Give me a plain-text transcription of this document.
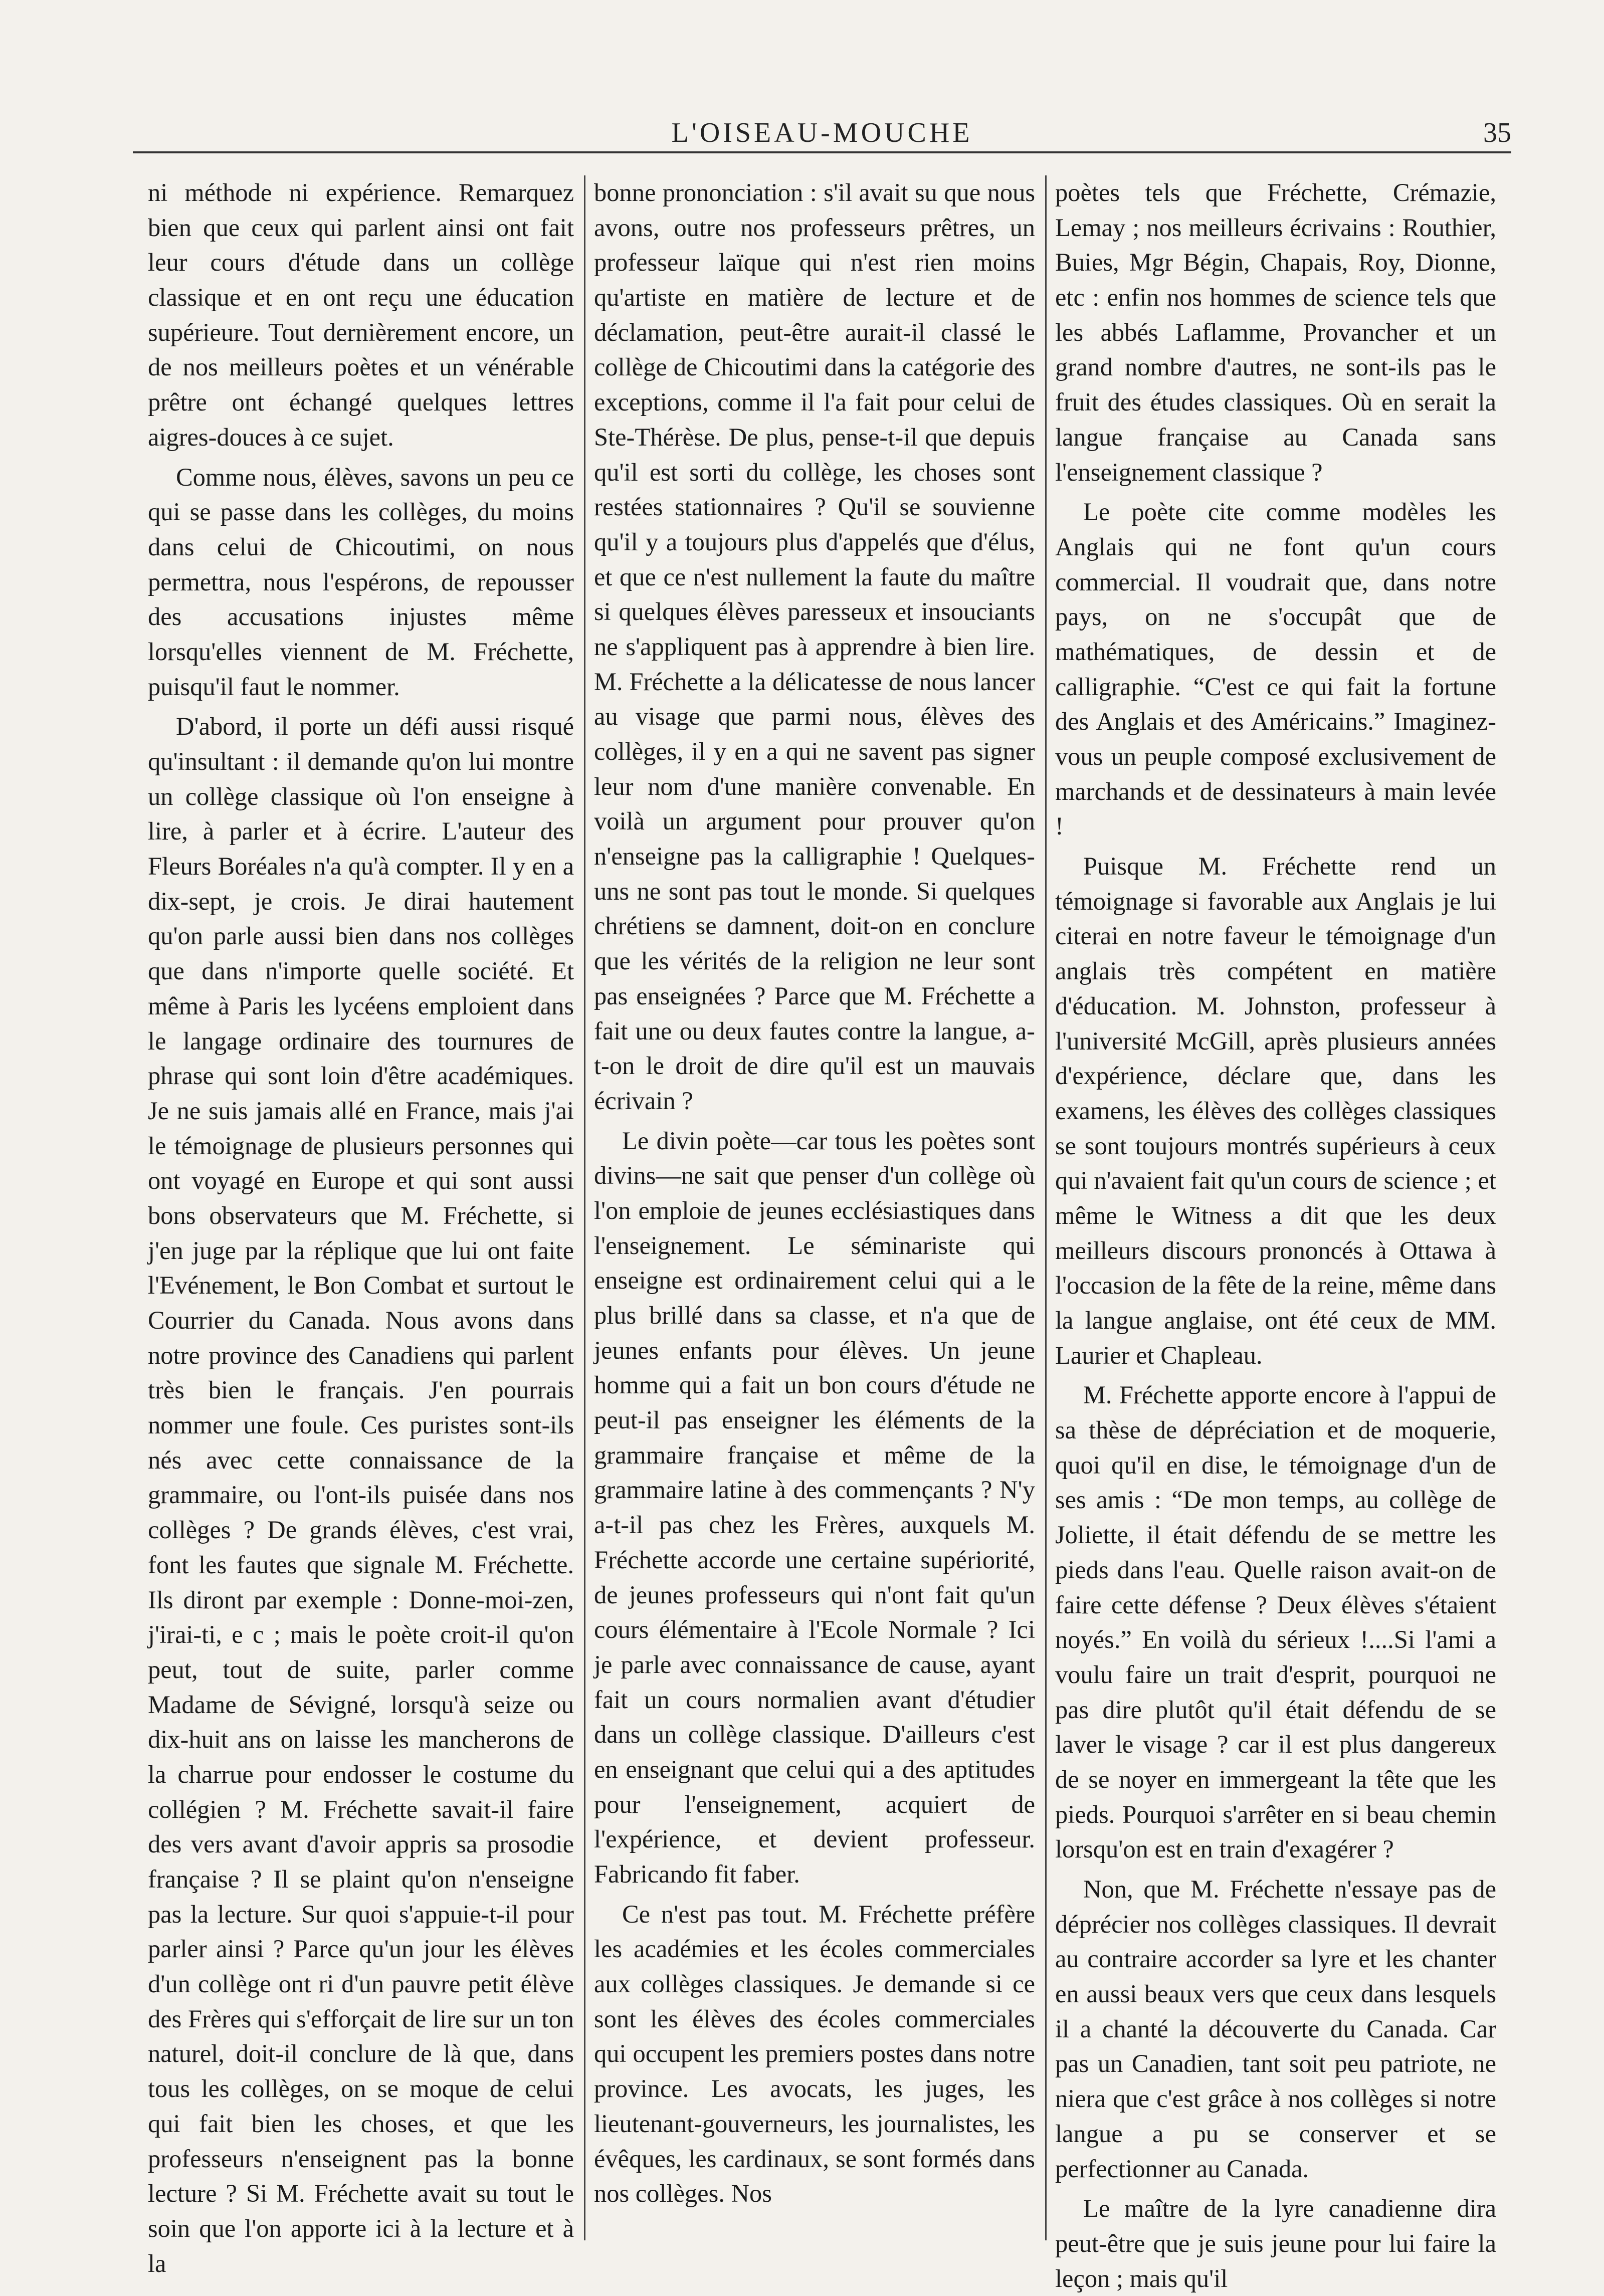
L'OISEAU-MOUCHE	35

ni méthode ni expérience. Remarquez bien que ceux qui parlent ainsi ont fait leur cours d'étude dans un collège classique et en ont reçu une éducation supérieure. Tout dernièrement encore, un de nos meilleurs poètes et un vénérable prêtre ont échangé quelques lettres aigres-douces à ce sujet.

Comme nous, élèves, savons un peu ce qui se passe dans les collèges, du moins dans celui de Chicoutimi, on nous permettra, nous l'espérons, de repousser des accusations injustes même lorsqu'elles viennent de M. Fréchette, puisqu'il faut le nommer.

D'abord, il porte un défi aussi risqué qu'insultant : il demande qu'on lui montre un collège classique où l'on enseigne à lire, à parler et à écrire. L'auteur des Fleurs Boréales n'a qu'à compter. Il y en a dix-sept, je crois. Je dirai hautement qu'on parle aussi bien dans nos collèges que dans n'importe quelle société. Et même à Paris les lycéens emploient dans le langage ordinaire des tournures de phrase qui sont loin d'être académiques. Je ne suis jamais allé en France, mais j'ai le témoignage de plusieurs personnes qui ont voyagé en Europe et qui sont aussi bons observateurs que M. Fréchette, si j'en juge par la réplique que lui ont faite l'Evénement, le Bon Combat et surtout le Courrier du Canada. Nous avons dans notre province des Canadiens qui parlent très bien le français. J'en pourrais nommer une foule. Ces puristes sont-ils nés avec cette connaissance de la grammaire, ou l'ont-ils puisée dans nos collèges ? De grands élèves, c'est vrai, font les fautes que signale M. Fréchette. Ils diront par exemple : Donne-moi-zen, j'irai-ti, e c ; mais le poète croit-il qu'on peut, tout de suite, parler comme Madame de Sévigné, lorsqu'à seize ou dix-huit ans on laisse les mancherons de la charrue pour endosser le costume du collégien ? M. Fréchette savait-il faire des vers avant d'avoir appris sa prosodie française ? Il se plaint qu'on n'enseigne pas la lecture. Sur quoi s'appuie-t-il pour parler ainsi ? Parce qu'un jour les élèves d'un collège ont ri d'un pauvre petit élève des Frères qui s'efforçait de lire sur un ton naturel, doit-il conclure de là que, dans tous les collèges, on se moque de celui qui fait bien les choses, et que les professeurs n'enseignent pas la bonne lecture ? Si M. Fréchette avait su tout le soin que l'on apporte ici à la lecture et à la

bonne prononciation : s'il avait su que nous avons, outre nos professeurs prêtres, un professeur laïque qui n'est rien moins qu'artiste en matière de lecture et de déclamation, peut-être aurait-il classé le collège de Chicoutimi dans la catégorie des exceptions, comme il l'a fait pour celui de Ste-Thérèse. De plus, pense-t-il que depuis qu'il est sorti du collège, les choses sont restées stationnaires ? Qu'il se souvienne qu'il y a toujours plus d'appelés que d'élus, et que ce n'est nullement la faute du maître si quelques élèves paresseux et insouciants ne s'appliquent pas à apprendre à bien lire. M. Fréchette a la délicatesse de nous lancer au visage que parmi nous, élèves des collèges, il y en a qui ne savent pas signer leur nom d'une manière convenable. En voilà un argument pour prouver qu'on n'enseigne pas la calligraphie ! Quelques-uns ne sont pas tout le monde. Si quelques chrétiens se damnent, doit-on en conclure que les vérités de la religion ne leur sont pas enseignées ? Parce que M. Fréchette a fait une ou deux fautes contre la langue, a-t-on le droit de dire qu'il est un mauvais écrivain ?

Le divin poète—car tous les poètes sont divins—ne sait que penser d'un collège où l'on emploie de jeunes ecclésiastiques dans l'enseignement. Le séminariste qui enseigne est ordinairement celui qui a le plus brillé dans sa classe, et n'a que de jeunes enfants pour élèves. Un jeune homme qui a fait un bon cours d'étude ne peut-il pas enseigner les éléments de la grammaire française et même de la grammaire latine à des commençants ? N'y a-t-il pas chez les Frères, auxquels M. Fréchette accorde une certaine supériorité, de jeunes professeurs qui n'ont fait qu'un cours élémentaire à l'Ecole Normale ? Ici je parle avec connaissance de cause, ayant fait un cours normalien avant d'étudier dans un collège classique. D'ailleurs c'est en enseignant que celui qui a des aptitudes pour l'enseignement, acquiert de l'expérience, et devient professeur. Fabricando fit faber.

Ce n'est pas tout. M. Fréchette préfère les académies et les écoles commerciales aux collèges classiques. Je demande si ce sont les élèves des écoles commerciales qui occupent les premiers postes dans notre province. Les avocats, les juges, les lieutenant-gouverneurs, les journalistes, les évêques, les cardinaux, se sont formés dans nos collèges. Nos

poètes tels que Fréchette, Crémazie, Lemay ; nos meilleurs écrivains : Routhier, Buies, Mgr Bégin, Chapais, Roy, Dionne, etc : enfin nos hommes de science tels que les abbés Laflamme, Provancher et un grand nombre d'autres, ne sont-ils pas le fruit des études classiques. Où en serait la langue française au Canada sans l'enseignement classique ?

Le poète cite comme modèles les Anglais qui ne font qu'un cours commercial. Il voudrait que, dans notre pays, on ne s'occupât que de mathématiques, de dessin et de calligraphie. “C'est ce qui fait la fortune des Anglais et des Américains.” Imaginez-vous un peuple composé exclusivement de marchands et de dessinateurs à main levée !

Puisque M. Fréchette rend un témoignage si favorable aux Anglais je lui citerai en notre faveur le témoignage d'un anglais très compétent en matière d'éducation. M. Johnston, professeur à l'université McGill, après plusieurs années d'expérience, déclare que, dans les examens, les élèves des collèges classiques se sont toujours montrés supérieurs à ceux qui n'avaient fait qu'un cours de science ; et même le Witness a dit que les deux meilleurs discours prononcés à Ottawa à l'occasion de la fête de la reine, même dans la langue anglaise, ont été ceux de MM. Laurier et Chapleau.

M. Fréchette apporte encore à l'appui de sa thèse de dépréciation et de moquerie, quoi qu'il en dise, le témoignage d'un de ses amis : “De mon temps, au collège de Joliette, il était défendu de se mettre les pieds dans l'eau. Quelle raison avait-on de faire cette défense ? Deux élèves s'étaient noyés.” En voilà du sérieux !....Si l'ami a voulu faire un trait d'esprit, pourquoi ne pas dire plutôt qu'il était défendu de se laver le visage ? car il est plus dangereux de se noyer en immergeant la tête que les pieds. Pourquoi s'arrêter en si beau chemin lorsqu'on est en train d'exagérer ?

Non, que M. Fréchette n'essaye pas de déprécier nos collèges classiques. Il devrait au contraire accorder sa lyre et les chanter en aussi beaux vers que ceux dans lesquels il a chanté la découverte du Canada. Car pas un Canadien, tant soit peu patriote, ne niera que c'est grâce à nos collèges si notre langue a pu se conserver et se perfectionner au Canada.

Le maître de la lyre canadienne dira peut-être que je suis jeune pour lui faire la leçon ; mais qu'il
